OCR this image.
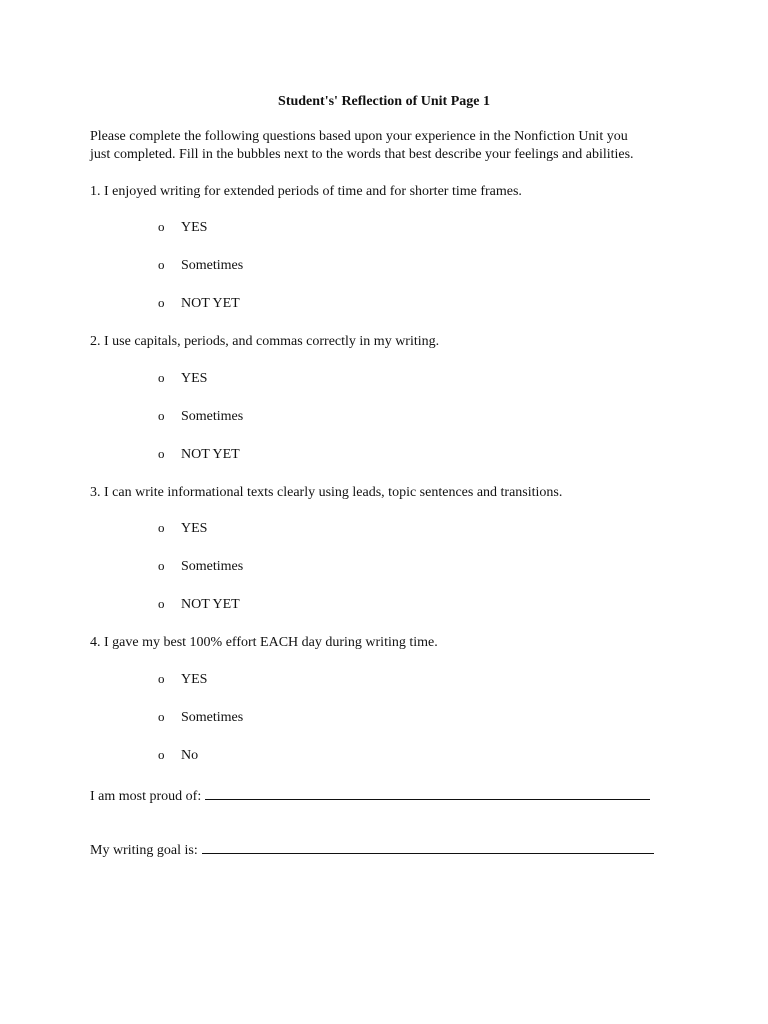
Student's' Reflection of Unit Page 1
Please complete the following questions based upon your experience in the Nonfiction Unit you
just completed. Fill in the bubbles next to the words that best describe your feelings and abilities.
1. I enjoyed writing for extended periods of time and for shorter time frames.
o YES
o Sometimes
o NOT YET
2. I use capitals, periods, and commas correctly in my writing.
o YES
o Sometimes
o NOT YET
3. I can write informational texts clearly using leads, topic sentences and transitions.
o YES
o Sometimes
o NOT YET
4. I gave my best 100% effort EACH day during writing time.
o YES
o Sometimes
o No
I am most proud of:
My writing goal is:
